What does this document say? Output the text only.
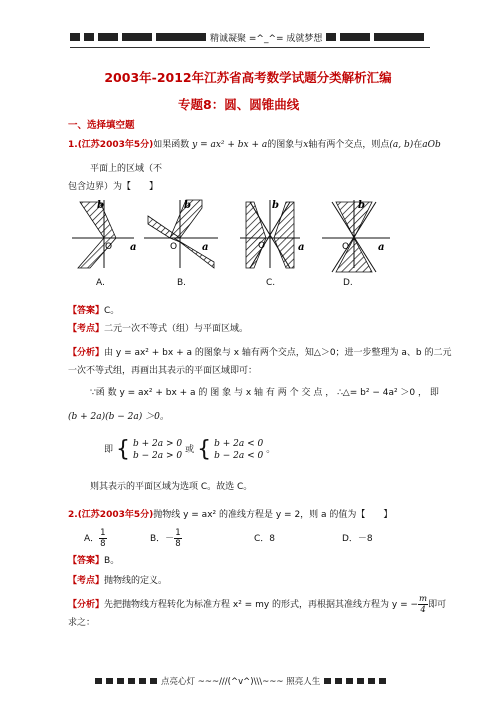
精诚凝聚 =^_^= 成就梦想
2003年-2012年江苏省高考数学试题分类解析汇编
专题8：圆、圆锥曲线
一、选择填空题
1.(江苏2003年5分)如果函数 y = ax² + bx + a的图象与x轴有两个交点，则点(a, b)在aOb
平面上的区域（不
包含边界）为【　　】
b
a
O
b
a
O
b
a
O
b
a
O
A.	B.	C.	D.
【答案】C。
【考点】二元一次不等式（组）与平面区域。
【分析】由 y = ax² + bx + a 的图象与 x 轴有两个交点，知△＞0；进一步整理为 a、b 的二元
一次不等式组，再画出其表示的平面区域即可：
∵函 数 y = ax² + bx + a 的 图 象 与 x 轴 有 两 个 交 点 ， ∴△= b² − 4a² ＞0 ， 即
(b + 2a)(b − 2a) ＞0。
即 { b + 2a > 0
b − 2a > 0
或 { b + 2a < 0
b − 2a < 0
。
则其表示的平面区域为选项 C。故选 C。
2.(江苏2003年5分)抛物线 y = ax² 的准线方程是 y = 2，则 a 的值为【　　】
A． $\frac{1}{8}$	B．－ $\frac{1}{8}$	C．8	D．－8
【答案】B。
【考点】抛物线的定义。
【分析】 先把抛物线方程转化为标准方程 x² = my 的形式，再根据其准线方程为 y = − $\frac{m}{4}$ 即可
求之：
点亮心灯 ~~~///(^v^)\\\~~~ 照亮人生
